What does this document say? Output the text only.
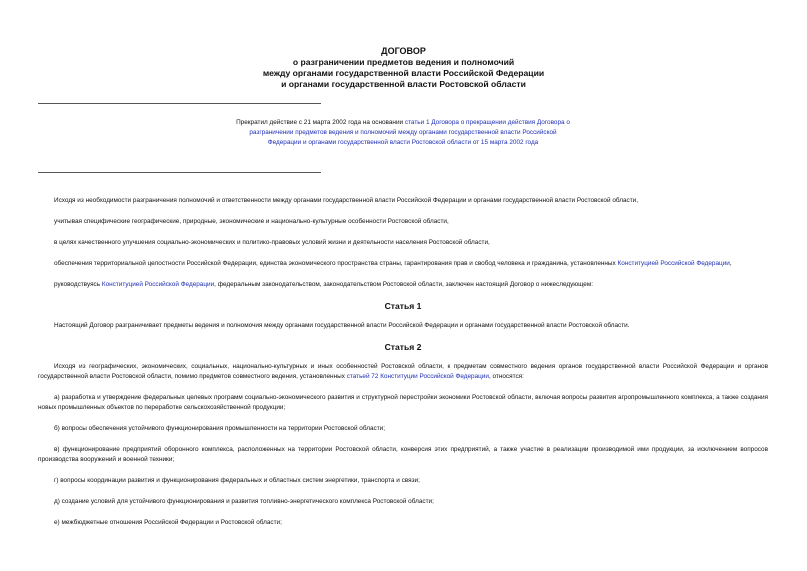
ДОГОВОР
о разграничении предметов ведения и полномочий
между органами государственной власти Российской Федерации
и органами государственной власти Ростовской области
Прекратил действие с 21 марта 2002 года на основании статьи 1 Договора о прекращении действия Договора о разграничении предметов ведения и полномочий между органами государственной власти Российской Федерации и органами государственной власти Ростовской области от 15 марта 2002 года

Исходя из необходимости разграничения полномочий и ответственности между органами государственной власти Российской Федерации и органами государственной власти Ростовской области,

учитывая специфические географические, природные, экономические и национально-культурные особенности Ростовской области,

в целях качественного улучшения социально-экономических и политико-правовых условий жизни и деятельности населения Ростовской области,

обеспечения территориальной целостности Российской Федерации, единства экономического пространства страны, гарантирования прав и свобод человека и гражданина, установленных Конституцией Российской Федерации,

руководствуясь Конституцией Российской Федерации, федеральным законодательством, законодательством Ростовской области, заключен настоящий Договор о нижеследующем:

Статья 1

Настоящий Договор разграничивает предметы ведения и полномочия между органами государственной власти Российской Федерации и органами государственной власти Ростовской области.

Статья 2

Исходя из географических, экономических, социальных, национально-культурных и иных особенностей Ростовской области, к предметам совместного ведения органов государственной власти Российской Федерации и органов государственной власти Ростовской области, помимо предметов совместного ведения, установленных статьей 72 Конституции Российской Федерации, относятся:

а) разработка и утверждение федеральных целевых программ социально-экономического развития и структурной перестройки экономики Ростовской области, включая вопросы развития агропромышленного комплекса, а также создания новых промышленных объектов по переработке сельскохозяйственной продукции;

б) вопросы обеспечения устойчивого функционирования промышленности на территории Ростовской области;

в) функционирование предприятий оборонного комплекса, расположенных на территории Ростовской области, конверсия этих предприятий, а также участие в реализации производимой ими продукции, за исключением вопросов производства вооружений и военной техники;

г) вопросы координации развития и функционирования федеральных и областных систем энергетики, транспорта и связи;

д) создание условий для устойчивого функционирования и развития топливно-энергетического комплекса Ростовской области;

е) межбюджетные отношения Российской Федерации и Ростовской области;
